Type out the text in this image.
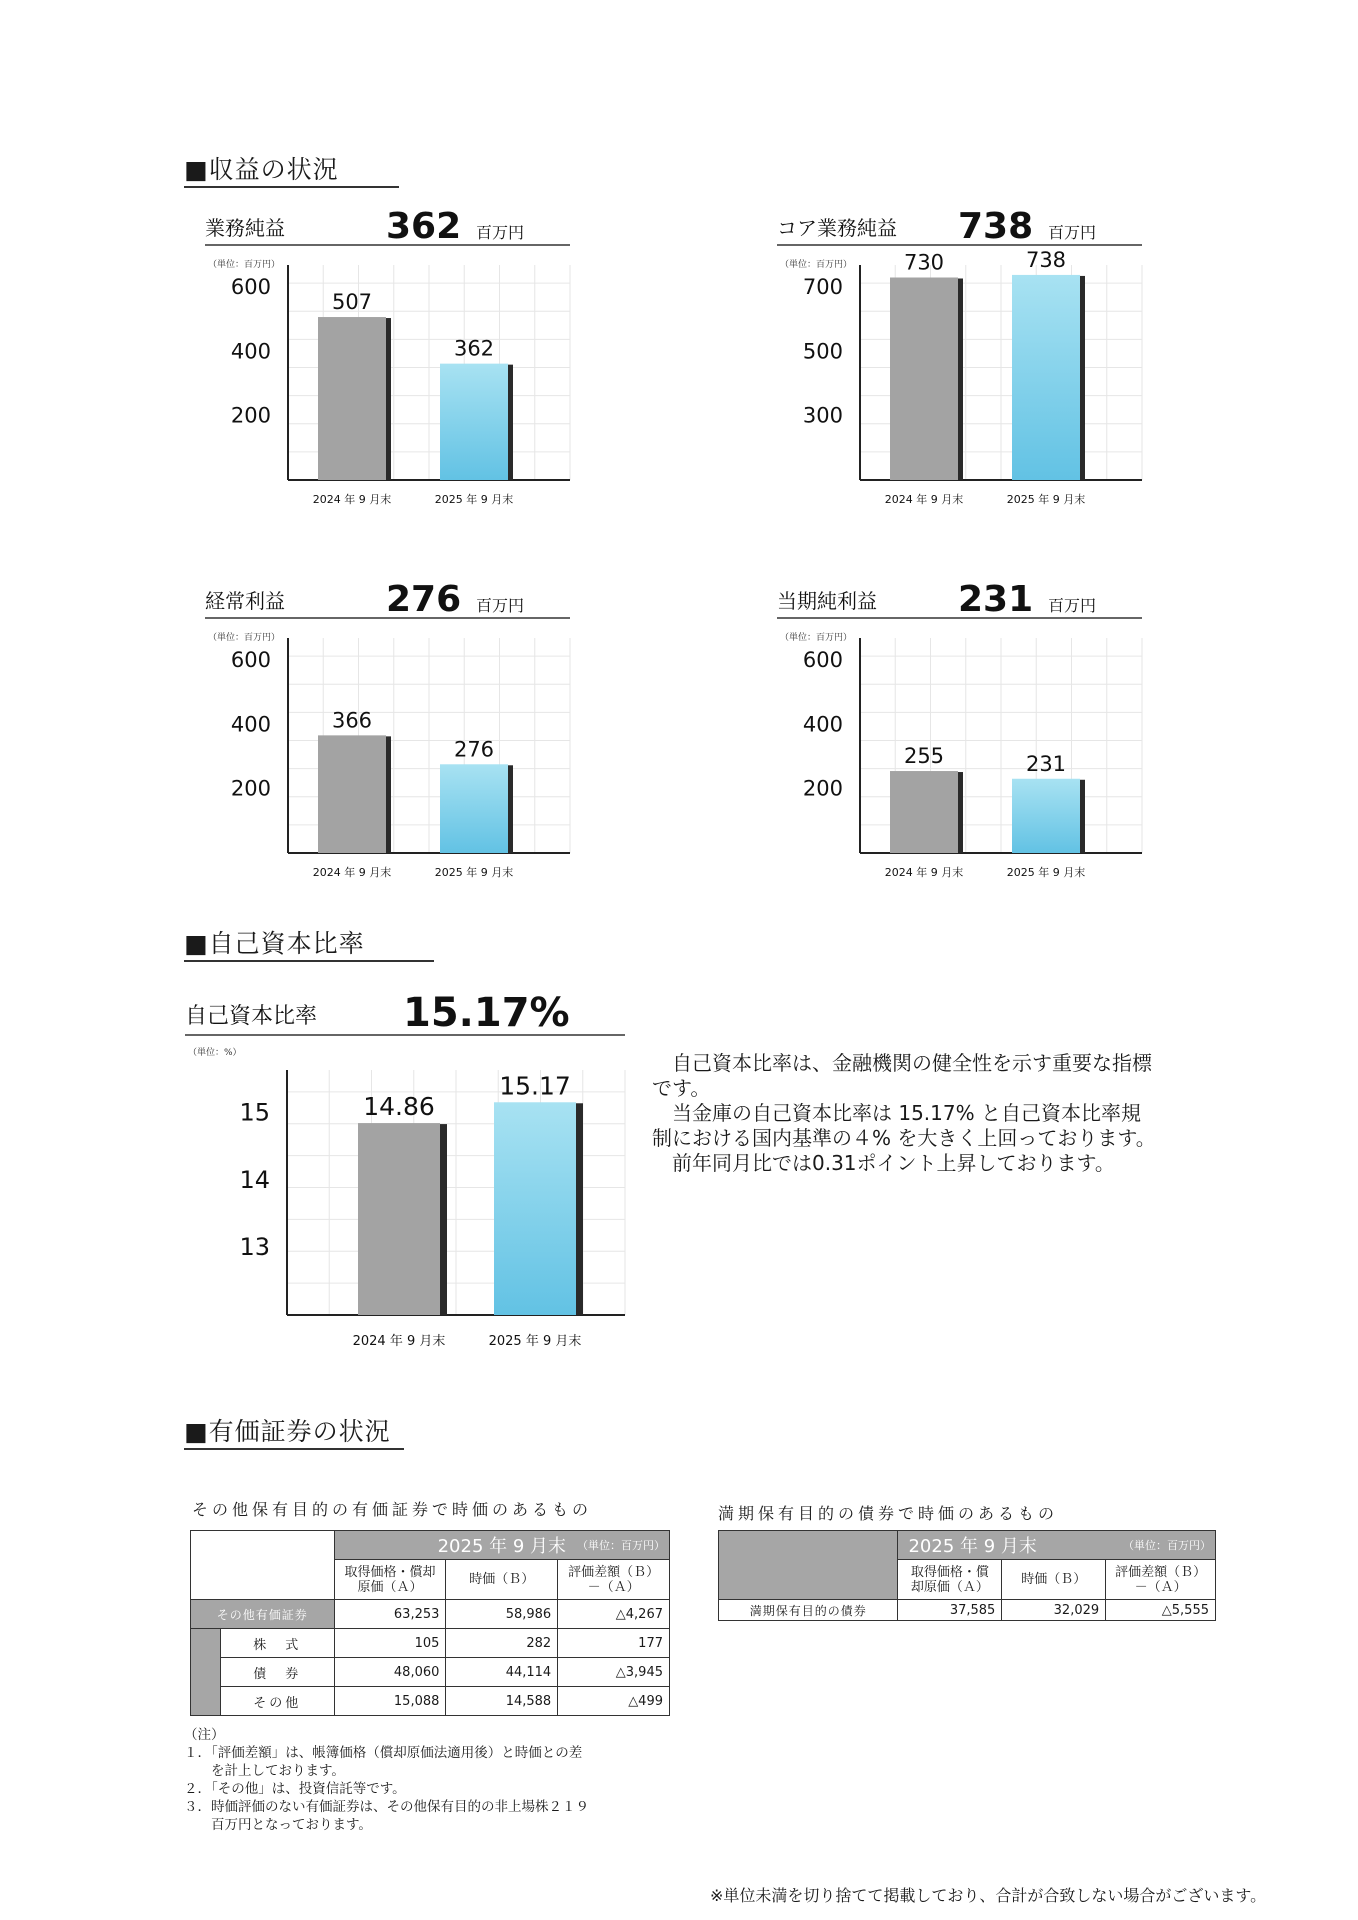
■収益の状況
■自己資本比率
■有価証券の状況
業務純益	362 百万円
（単位：百万円）
200
400
600
507
2024 年 9 月末
362
2025 年 9 月末
コア業務純益 738 百万円
（単位：百万円）
300
500
700
730
2024 年 9 月末
738
2025 年 9 月末
経常利益	276 百万円
（単位：百万円）
200
400
600
366
2024 年 9 月末
276
2025 年 9 月末
当期純利益 231 百万円
（単位：百万円）
200
400
600
255
2024 年 9 月末
231
2025 年 9 月末
自己資本比率 15.17%
（単位：%）
13
14
15	14.86
2024 年 9 月末
15.17
2025 年 9 月末
　自己資本比率は、金融機関の健全性を示す重要な指標
です。
　当金庫の自己資本比率は 15.17% と自己資本比率規
制における国内基準の４% を大きく上回っております。
　前年同月比では0.31ポイント上昇しております。
その他保有目的の有価証券で時価のあるもの
		2025 年 9 月末 （単位：百万円）		

		取得価格・償却原価（Ａ）	時価（Ｂ）	評価差額（Ｂ）－（Ａ）
その他有価証券		63,253	58,986	△4,267
	株　式	105	282	177
	債　券	48,060	44,114	△3,945
	その他	15,088	14,588	△499
満期保有目的の債券で時価のあるもの
	2025 年 9 月末 （単位：百万円）		

	取得価格・償却原価（Ａ）	時価（Ｂ）	評価差額（Ｂ）－（Ａ）
満期保有目的の債券	37,585	32,029	△5,555
（注）
１．「評価差額」は、帳簿価格（償却原価法適用後）と時価との差
　　を計上しております。
２．「その他」は、投資信託等です。
３．時価評価のない有価証券は、その他保有目的の非上場株２１９
　　百万円となっております。
※単位未満を切り捨てて掲載しており、合計が合致しない場合がございます。
